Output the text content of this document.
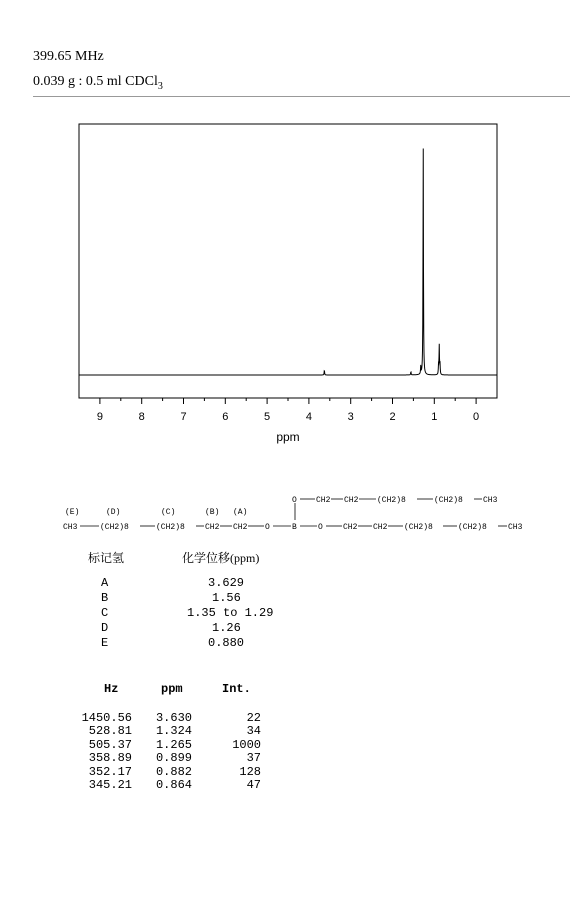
399.65 MHz
0.039 g : 0.5 ml CDCl$_3$
9	8	7	6	5	4	3	2	1	0
ppm
(E)	(D)	(C)	(B) (A)
O CH2 CH2 (CH2)8	(CH2)8	CH3
CH3	(CH2)8	(CH2)8	CH2 CH2 O	B	O	CH2 CH2 (CH2)8	(CH2)8	CH3
标记氢	化学位移(ppm)
A	3.629
B	1.56
C	1.35 to 1.29
D	1.26
E	0.880
Hz	ppm	Int.
1450.56	3.630	22
528.81	1.324	34
505.37	1.265	1000
358.89	0.899	37
352.17	0.882	128
345.21	0.864	47
